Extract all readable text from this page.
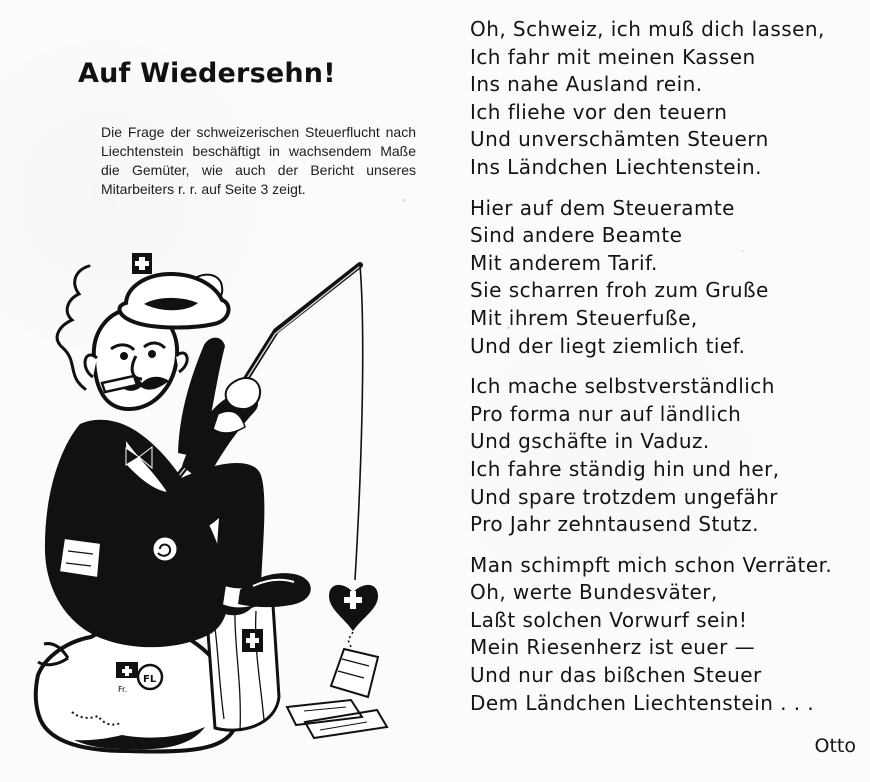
Auf Wiedersehn!

Die Frage der schweizerischen Steuerflucht nach Liechtenstein beschäftigt in wachsendem Maße die Gemüter, wie auch der Bericht unseres Mitarbeiters r. r. auf Seite 3 zeigt.

FL
Fr.
Oh, Schweiz, ich muß dich lassen,
Ich fahr mit meinen Kassen
Ins nahe Ausland rein.
Ich fliehe vor den teuern
Und unverschämten Steuern
Ins Ländchen Liechtenstein.
Hier auf dem Steueramte
Sind andere Beamte
Mit anderem Tarif.
Sie scharren froh zum Gruße
Mit ihrem Steuerfuße,
Und der liegt ziemlich tief.
Ich mache selbstverständlich
Pro forma nur auf ländlich
Und gschäfte in Vaduz.
Ich fahre ständig hin und her,
Und spare trotzdem ungefähr
Pro Jahr zehntausend Stutz.
Man schimpft mich schon Verräter.
Oh, werte Bundesväter,
Laßt solchen Vorwurf sein!
Mein Riesenherz ist euer —
Und nur das bißchen Steuer
Dem Ländchen Liechtenstein . . .
Otto
